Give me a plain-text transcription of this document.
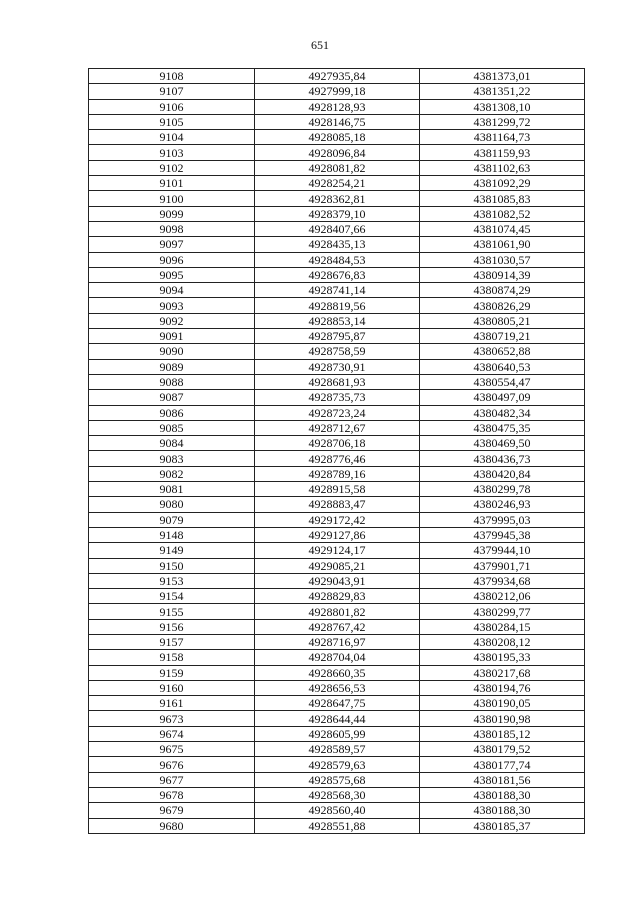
651
9108	4927935,84	4381373,01
9107	4927999,18	4381351,22
9106	4928128,93	4381308,10
9105	4928146,75	4381299,72
9104	4928085,18	4381164,73
9103	4928096,84	4381159,93
9102	4928081,82	4381102,63
9101	4928254,21	4381092,29
9100	4928362,81	4381085,83
9099	4928379,10	4381082,52
9098	4928407,66	4381074,45
9097	4928435,13	4381061,90
9096	4928484,53	4381030,57
9095	4928676,83	4380914,39
9094	4928741,14	4380874,29
9093	4928819,56	4380826,29
9092	4928853,14	4380805,21
9091	4928795,87	4380719,21
9090	4928758,59	4380652,88
9089	4928730,91	4380640,53
9088	4928681,93	4380554,47
9087	4928735,73	4380497,09
9086	4928723,24	4380482,34
9085	4928712,67	4380475,35
9084	4928706,18	4380469,50
9083	4928776,46	4380436,73
9082	4928789,16	4380420,84
9081	4928915,58	4380299,78
9080	4928883,47	4380246,93
9079	4929172,42	4379995,03
9148	4929127,86	4379945,38
9149	4929124,17	4379944,10
9150	4929085,21	4379901,71
9153	4929043,91	4379934,68
9154	4928829,83	4380212,06
9155	4928801,82	4380299,77
9156	4928767,42	4380284,15
9157	4928716,97	4380208,12
9158	4928704,04	4380195,33
9159	4928660,35	4380217,68
9160	4928656,53	4380194,76
9161	4928647,75	4380190,05
9673	4928644,44	4380190,98
9674	4928605,99	4380185,12
9675	4928589,57	4380179,52
9676	4928579,63	4380177,74
9677	4928575,68	4380181,56
9678	4928568,30	4380188,30
9679	4928560,40	4380188,30
9680	4928551,88	4380185,37
